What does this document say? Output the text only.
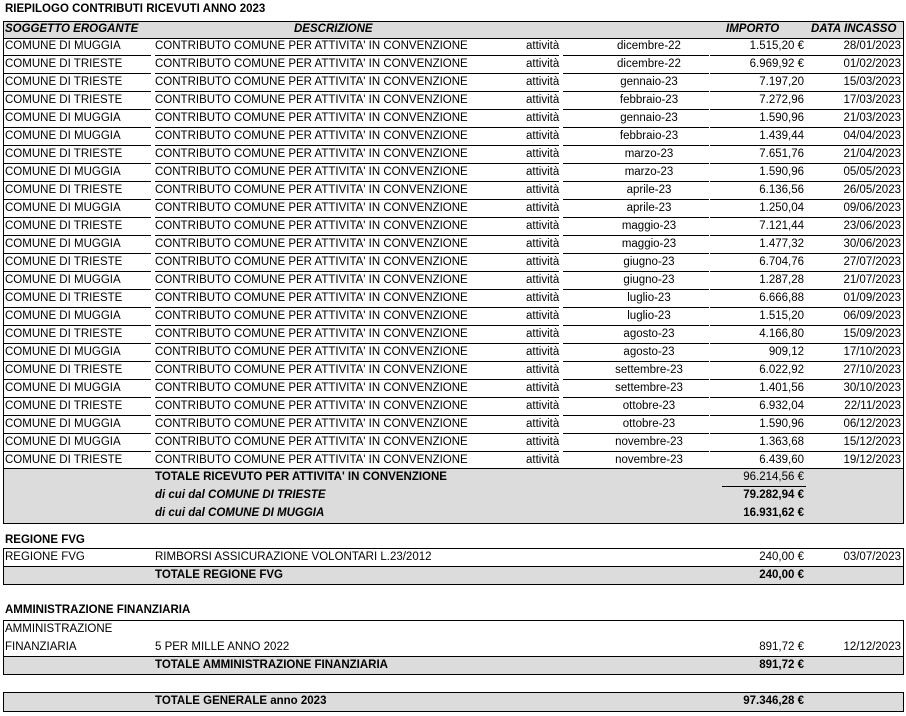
RIEPILOGO CONTRIBUTI RICEVUTI ANNO 2023
SOGGETTO EROGANTE	DESCRIZIONE	IMPORTO	DATA INCASSO
COMUNE DI MUGGIA	CONTRIBUTO COMUNE PER ATTIVITA' IN CONVENZIONE	attività	dicembre-22	1.515,20 €	28/01/2023
COMUNE DI TRIESTE	CONTRIBUTO COMUNE PER ATTIVITA' IN CONVENZIONE	attività	dicembre-22	6.969,92 €	01/02/2023
COMUNE DI TRIESTE	CONTRIBUTO COMUNE PER ATTIVITA' IN CONVENZIONE	attività	gennaio-23	7.197,20	15/03/2023
COMUNE DI TRIESTE	CONTRIBUTO COMUNE PER ATTIVITA' IN CONVENZIONE	attività	febbraio-23	7.272,96	17/03/2023
COMUNE DI MUGGIA	CONTRIBUTO COMUNE PER ATTIVITA' IN CONVENZIONE	attività	gennaio-23	1.590,96	21/03/2023
COMUNE DI MUGGIA	CONTRIBUTO COMUNE PER ATTIVITA' IN CONVENZIONE	attività	febbraio-23	1.439,44	04/04/2023
COMUNE DI TRIESTE	CONTRIBUTO COMUNE PER ATTIVITA' IN CONVENZIONE	attività	marzo-23	7.651,76	21/04/2023
COMUNE DI MUGGIA	CONTRIBUTO COMUNE PER ATTIVITA' IN CONVENZIONE	attività	marzo-23	1.590,96	05/05/2023
COMUNE DI TRIESTE	CONTRIBUTO COMUNE PER ATTIVITA' IN CONVENZIONE	attività	aprile-23	6.136,56	26/05/2023
COMUNE DI MUGGIA	CONTRIBUTO COMUNE PER ATTIVITA' IN CONVENZIONE	attività	aprile-23	1.250,04	09/06/2023
COMUNE DI TRIESTE	CONTRIBUTO COMUNE PER ATTIVITA' IN CONVENZIONE	attività	maggio-23	7.121,44	23/06/2023
COMUNE DI MUGGIA	CONTRIBUTO COMUNE PER ATTIVITA' IN CONVENZIONE	attività	maggio-23	1.477,32	30/06/2023
COMUNE DI TRIESTE	CONTRIBUTO COMUNE PER ATTIVITA' IN CONVENZIONE	attività	giugno-23	6.704,76	27/07/2023
COMUNE DI MUGGIA	CONTRIBUTO COMUNE PER ATTIVITA' IN CONVENZIONE	attività	giugno-23	1.287,28	21/07/2023
COMUNE DI TRIESTE	CONTRIBUTO COMUNE PER ATTIVITA' IN CONVENZIONE	attività	luglio-23	6.666,88	01/09/2023
COMUNE DI MUGGIA	CONTRIBUTO COMUNE PER ATTIVITA' IN CONVENZIONE	attività	luglio-23	1.515,20	06/09/2023
COMUNE DI TRIESTE	CONTRIBUTO COMUNE PER ATTIVITA' IN CONVENZIONE	attività	agosto-23	4.166,80	15/09/2023
COMUNE DI MUGGIA	CONTRIBUTO COMUNE PER ATTIVITA' IN CONVENZIONE	attività	agosto-23	909,12	17/10/2023
COMUNE DI TRIESTE	CONTRIBUTO COMUNE PER ATTIVITA' IN CONVENZIONE	attività	settembre-23	6.022,92	27/10/2023
COMUNE DI MUGGIA	CONTRIBUTO COMUNE PER ATTIVITA' IN CONVENZIONE	attività	settembre-23	1.401,56	30/10/2023
COMUNE DI TRIESTE	CONTRIBUTO COMUNE PER ATTIVITA' IN CONVENZIONE	attività	ottobre-23	6.932,04	22/11/2023
COMUNE DI MUGGIA	CONTRIBUTO COMUNE PER ATTIVITA' IN CONVENZIONE	attività	ottobre-23	1.590,96	06/12/2023
COMUNE DI MUGGIA	CONTRIBUTO COMUNE PER ATTIVITA' IN CONVENZIONE	attività	novembre-23	1.363,68	15/12/2023
COMUNE DI TRIESTE	CONTRIBUTO COMUNE PER ATTIVITA' IN CONVENZIONE	attività	novembre-23	6.439,60	19/12/2023
TOTALE RICEVUTO PER ATTIVITA' IN CONVENZIONE	96.214,56 €
di cui dal COMUNE DI TRIESTE	79.282,94 €
di cui dal COMUNE DI MUGGIA	16.931,62 €
REGIONE FVG
REGIONE FVG	RIMBORSI ASSICURAZIONE VOLONTARI L.23/2012	240,00 €	03/07/2023
TOTALE REGIONE FVG	240,00 €
AMMINISTRAZIONE FINANZIARIA
AMMINISTRAZIONE
FINANZIARIA	5 PER MILLE ANNO 2022	891,72 €	12/12/2023
TOTALE AMMINISTRAZIONE FINANZIARIA	891,72 €
TOTALE GENERALE anno 2023	97.346,28 €
